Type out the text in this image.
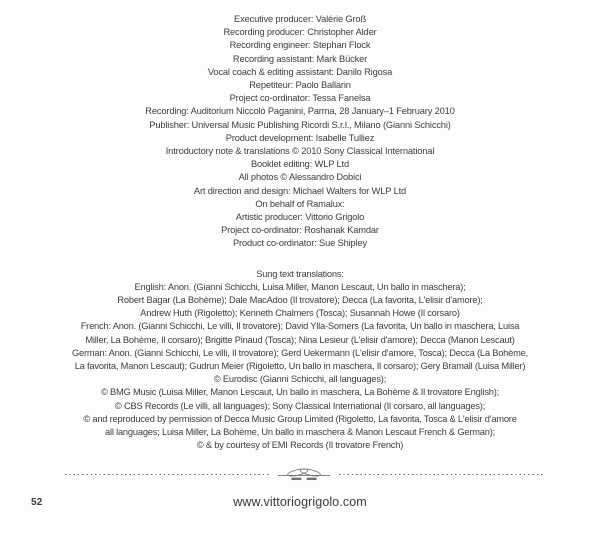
Executive producer: Valérie Groß
Recording producer: Christopher Alder
Recording engineer: Stephan Flock
Recording assistant: Mark Bücker
Vocal coach & editing assistant: Danilo Rigosa
Repetiteur: Paolo Ballarin
Project co-ordinator: Tessa Fanelsa
Recording: Auditorium Niccolò Paganini, Parma, 28 January–1 February 2010
Publisher: Universal Music Publishing Ricordi S.r.l., Milano (Gianni Schicchi)
Product development: Isabelle Tulliez
Introductory note & translations © 2010 Sony Classical International
Booklet editing: WLP Ltd
All photos © Alessandro Dobici
Art direction and design: Michael Walters for WLP Ltd
On behalf of Ramalux:
Artistic producer: Vittorio Grigolo
Project co-ordinator: Roshanak Kamdar
Product co-ordinator: Sue Shipley
Sung text translations:
English: Anon. (Gianni Schicchi, Luisa Miller, Manon Lescaut, Un ballo in maschera);
Robert Bagar (La Bohème); Dale MacAdoo (Il trovatore); Decca (La favorita, L'elisir d'amore);
Andrew Huth (Rigoletto); Kenneth Chalmers (Tosca); Susannah Howe (Il corsaro)
French: Anon. (Gianni Schicchi, Le villi, Il trovatore); David Ylla-Somers (La favorita, Un ballo in maschera, Luisa
Miller, La Bohème, Il corsaro); Brigitte Pinaud (Tosca); Nina Lesieur (L'elisir d'amore); Decca (Manon Lescaut)
German: Anon. (Gianni Schicchi, Le villi, Il trovatore); Gerd Uekermann (L'elisir d'amore, Tosca); Decca (La Bohème,
La favorita, Manon Lescaut); Gudrun Meier (Rigoletto, Un ballo in maschera, Il corsaro); Gery Bramall (Luisa Miller)
© Eurodisc (Gianni Schicchi, all languages);
© BMG Music (Luisa Miller, Manon Lescaut, Un ballo in maschera, La Bohème & Il trovatore English);
© CBS Records (Le villi, all languages); Sony Classical International (Il corsaro, all languages);
© and reproduced by permission of Decca Music Group Limited (Rigoletto, La favorita, Tosca & L'elisir d'amore
all languages; Luisa Miller, La Bohème, Un ballo in maschera & Manon Lescaut French & German);
© & by courtesy of EMI Records (Il trovatore French)
52	www.vittoriogrigolo.com
